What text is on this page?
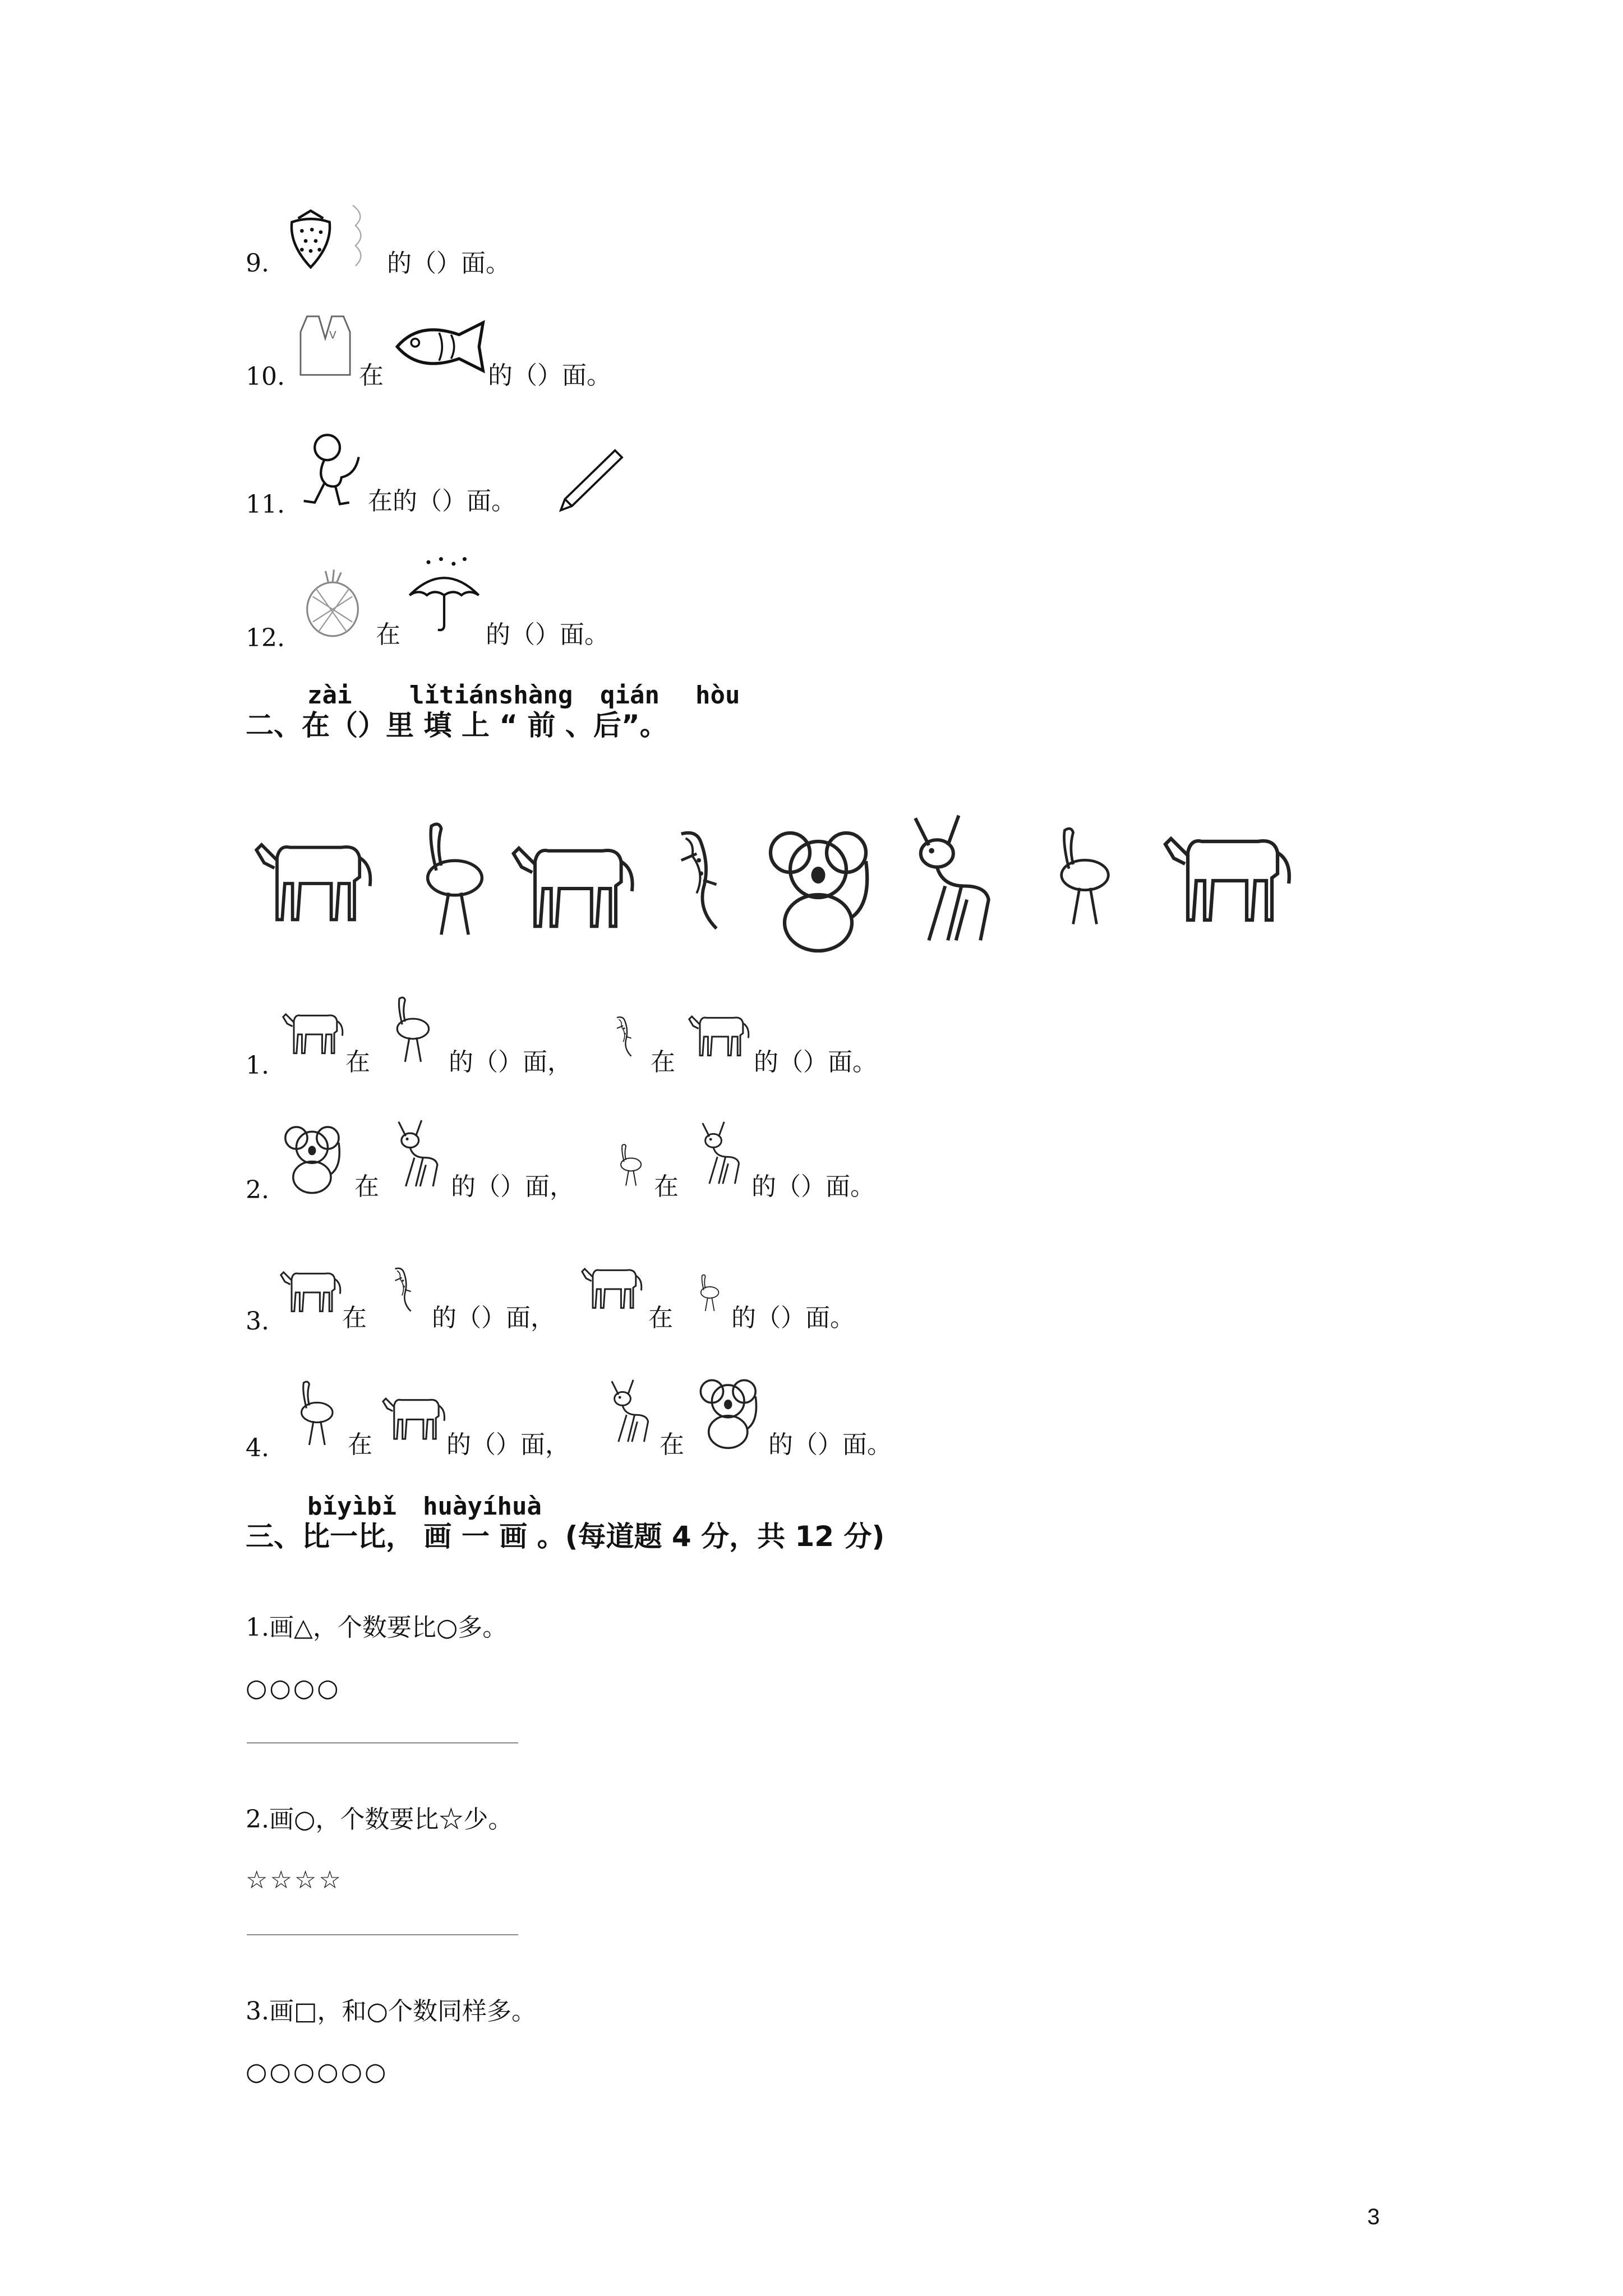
9.	的（）面。
10.	在	的（）面。
11.	在的（）面。
12.	在	的（）面。
zài lǐtiánshàng qián hòu
二、在（）里 填 上 “ 前 、后”。
1.	在	的（）面，	在	的（）面。
2.	在	的（）面，	在	的（）面。
3.	在	的（）面，	在 的（）面。
4.	在	的（）面，	在	的（）面。
bǐyìbǐ huàyíhuà
三、比一比， 画 一 画 。(每道题 4 分，共 12 分)
1.画△，个数要比○多。
○○○○
2.画○，个数要比☆少。
☆☆☆☆
3.画□，和○个数同样多。
○○○○○○
3
